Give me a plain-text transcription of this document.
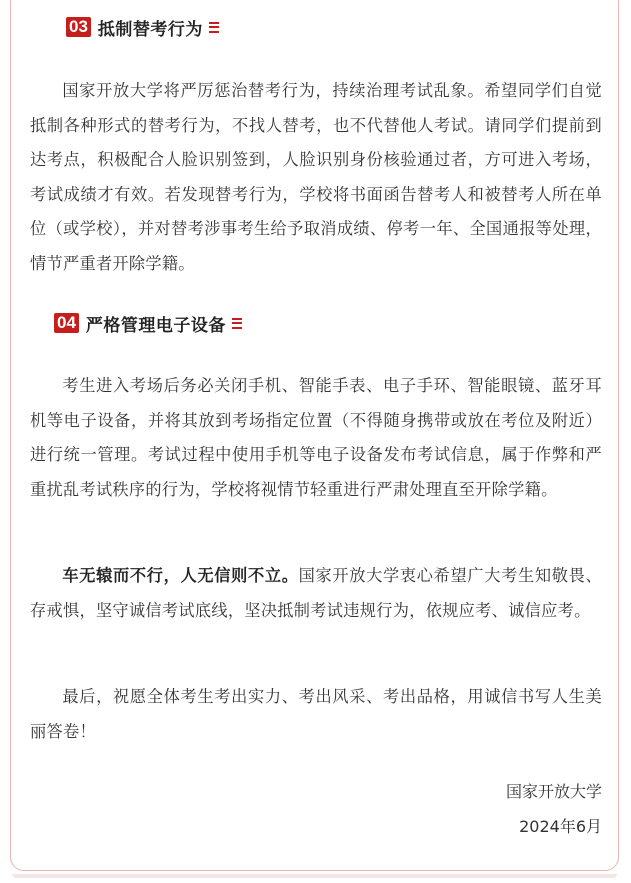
03 抵制替考行为

国家开放大学将严厉惩治替考行为，持续治理考试乱象。希望同学们自觉抵制各种形式的替考行为，不找人替考，也不代替他人考试。请同学们提前到达考点，积极配合人脸识别签到，人脸识别身份核验通过者，方可进入考场，考试成绩才有效。若发现替考行为，学校将书面函告替考人和被替考人所在单位（或学校），并对替考涉事考生给予取消成绩、停考一年、全国通报等处理，情节严重者开除学籍。

04 严格管理电子设备

考生进入考场后务必关闭手机、智能手表、电子手环、智能眼镜、蓝牙耳机等电子设备，并将其放到考场指定位置（不得随身携带或放在考位及附近）进行统一管理。考试过程中使用手机等电子设备发布考试信息，属于作弊和严重扰乱考试秩序的行为，学校将视情节轻重进行严肃处理直至开除学籍。

车无辕而不行，人无信则不立。国家开放大学衷心希望广大考生知敬畏、存戒惧，坚守诚信考试底线，坚决抵制考试违规行为，依规应考、诚信应考。

最后，祝愿全体考生考出实力、考出风采、考出品格，用诚信书写人生美丽答卷！

国家开放大学
2024年6月
